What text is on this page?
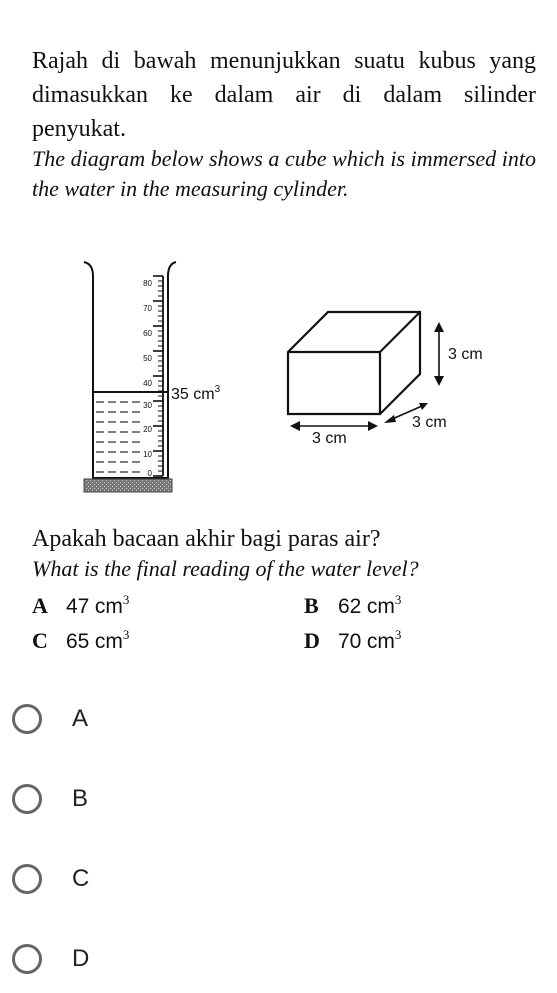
Rajah di bawah menunjukkan suatu kubus yang dimasukkan ke dalam air di dalam silinder penyukat.
The diagram below shows a cube which is immersed into the water in the measuring cylinder.
80
70
60
50
40
30
20
10
0
35 $cm^3$
3 cm
3 cm
3 cm
Apakah bacaan akhir bagi paras air?
What is the final reading of the water level?
A 47 $cm^3$	B 62 $cm^3$
C 65 $cm^3$	D 70 $cm^3$
A
B
C
D
